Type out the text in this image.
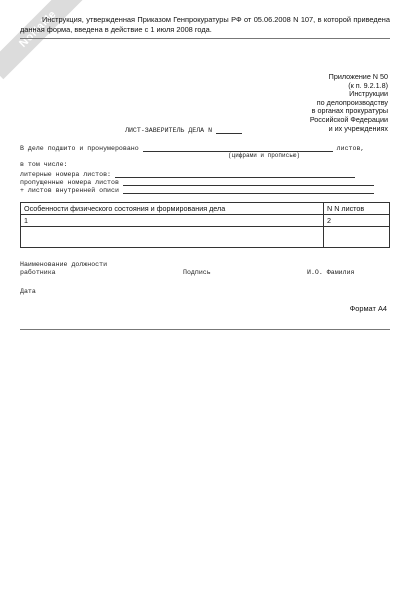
NoNaMe
Инструкция, утвержденная Приказом Генпрокуратуры РФ от 05.06.2008 N 107, в которой приведена данная форма, введена в действие с 1 июля 2008 года.
Приложение N 50
(к п. 9.2.1.8)
Инструкции
по делопроизводству
в органах прокуратуры
Российской Федерации
и их учреждениях
ЛИСТ-ЗАВЕРИТЕЛЬ ДЕЛА N
В деле подшито и пронумеровано	листов,
(цифрами и прописью)
в том числе:
литерные номера листов:
пропущенные номера листов
+ листов внутренней описи
Особенности физического состояния и формирования дела	N N листов
1	2

Наименование должности
работника	Подпись	И.О. Фамилия
Дата
Формат А4
